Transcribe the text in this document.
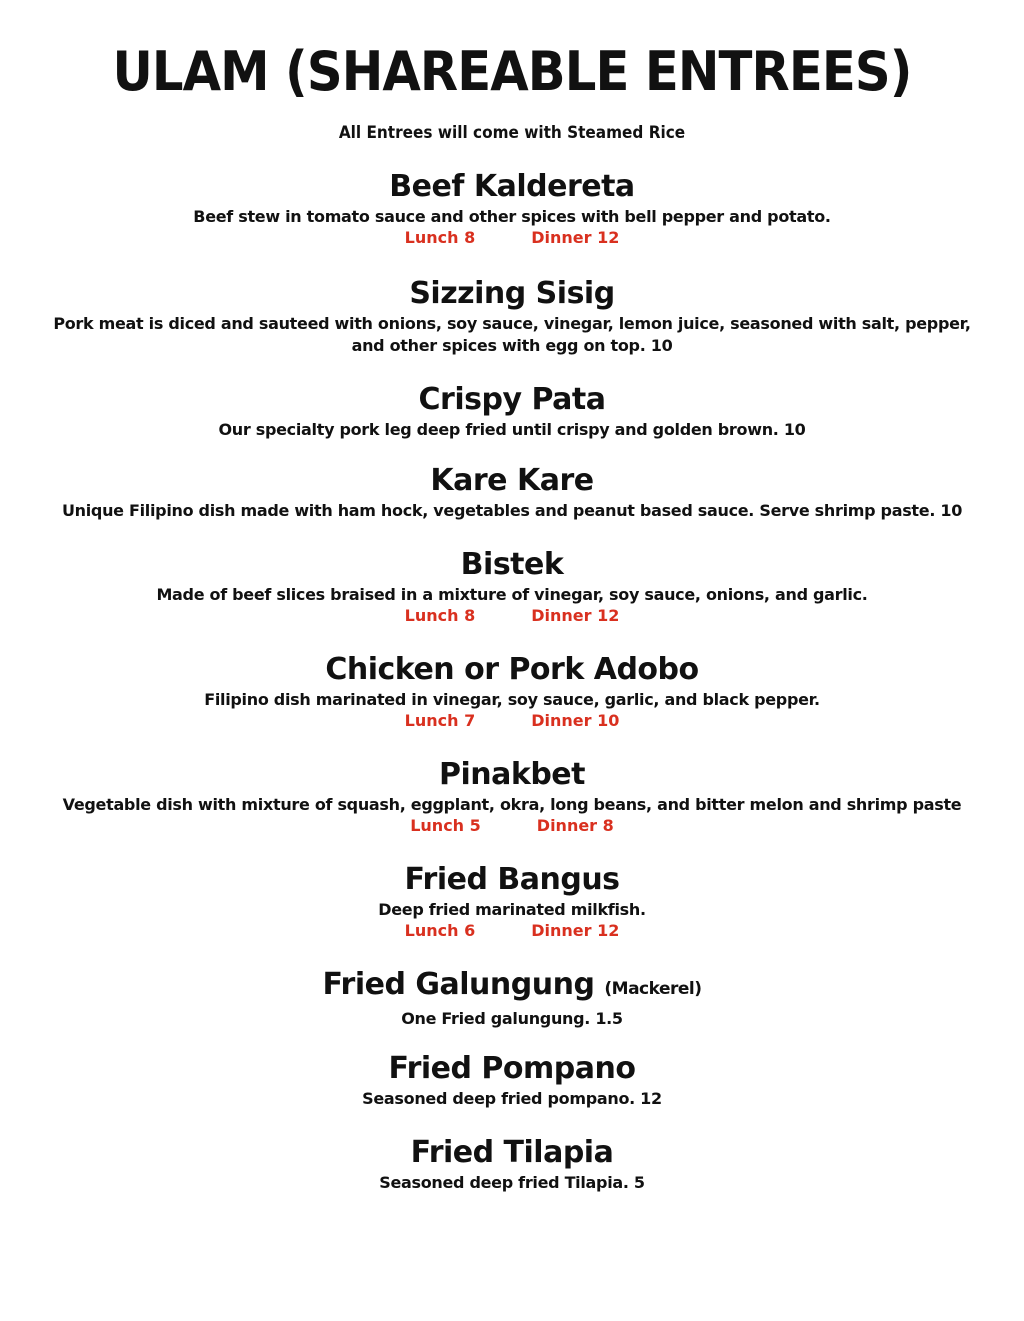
ULAM (SHAREABLE ENTREES)
All Entrees will come with Steamed Rice
Beef Kaldereta
Beef stew in tomato sauce and other spices with bell pepper and potato.
Lunch 8	Dinner 12
Sizzing Sisig
Pork meat is diced and sauteed with onions, soy sauce, vinegar, lemon juice, seasoned with salt, pepper, and other spices with egg on top. 10
Crispy Pata
Our specialty pork leg deep fried until crispy and golden brown. 10
Kare Kare
Unique Filipino dish made with ham hock, vegetables and peanut based sauce. Serve shrimp paste. 10
Bistek
Made of beef slices braised in a mixture of vinegar, soy sauce, onions, and garlic.
Lunch 8	Dinner 12
Chicken or Pork Adobo
Filipino dish marinated in vinegar, soy sauce, garlic, and black pepper.
Lunch 7	Dinner 10
Pinakbet
Vegetable dish with mixture of squash, eggplant, okra, long beans, and bitter melon and shrimp paste
Lunch 5	Dinner 8
Fried Bangus
Deep fried marinated milkfish.
Lunch 6	Dinner 12
Fried Galungung (Mackerel)
One Fried galungung. 1.5
Fried Pompano
Seasoned deep fried pompano. 12
Fried Tilapia
Seasoned deep fried Tilapia. 5
